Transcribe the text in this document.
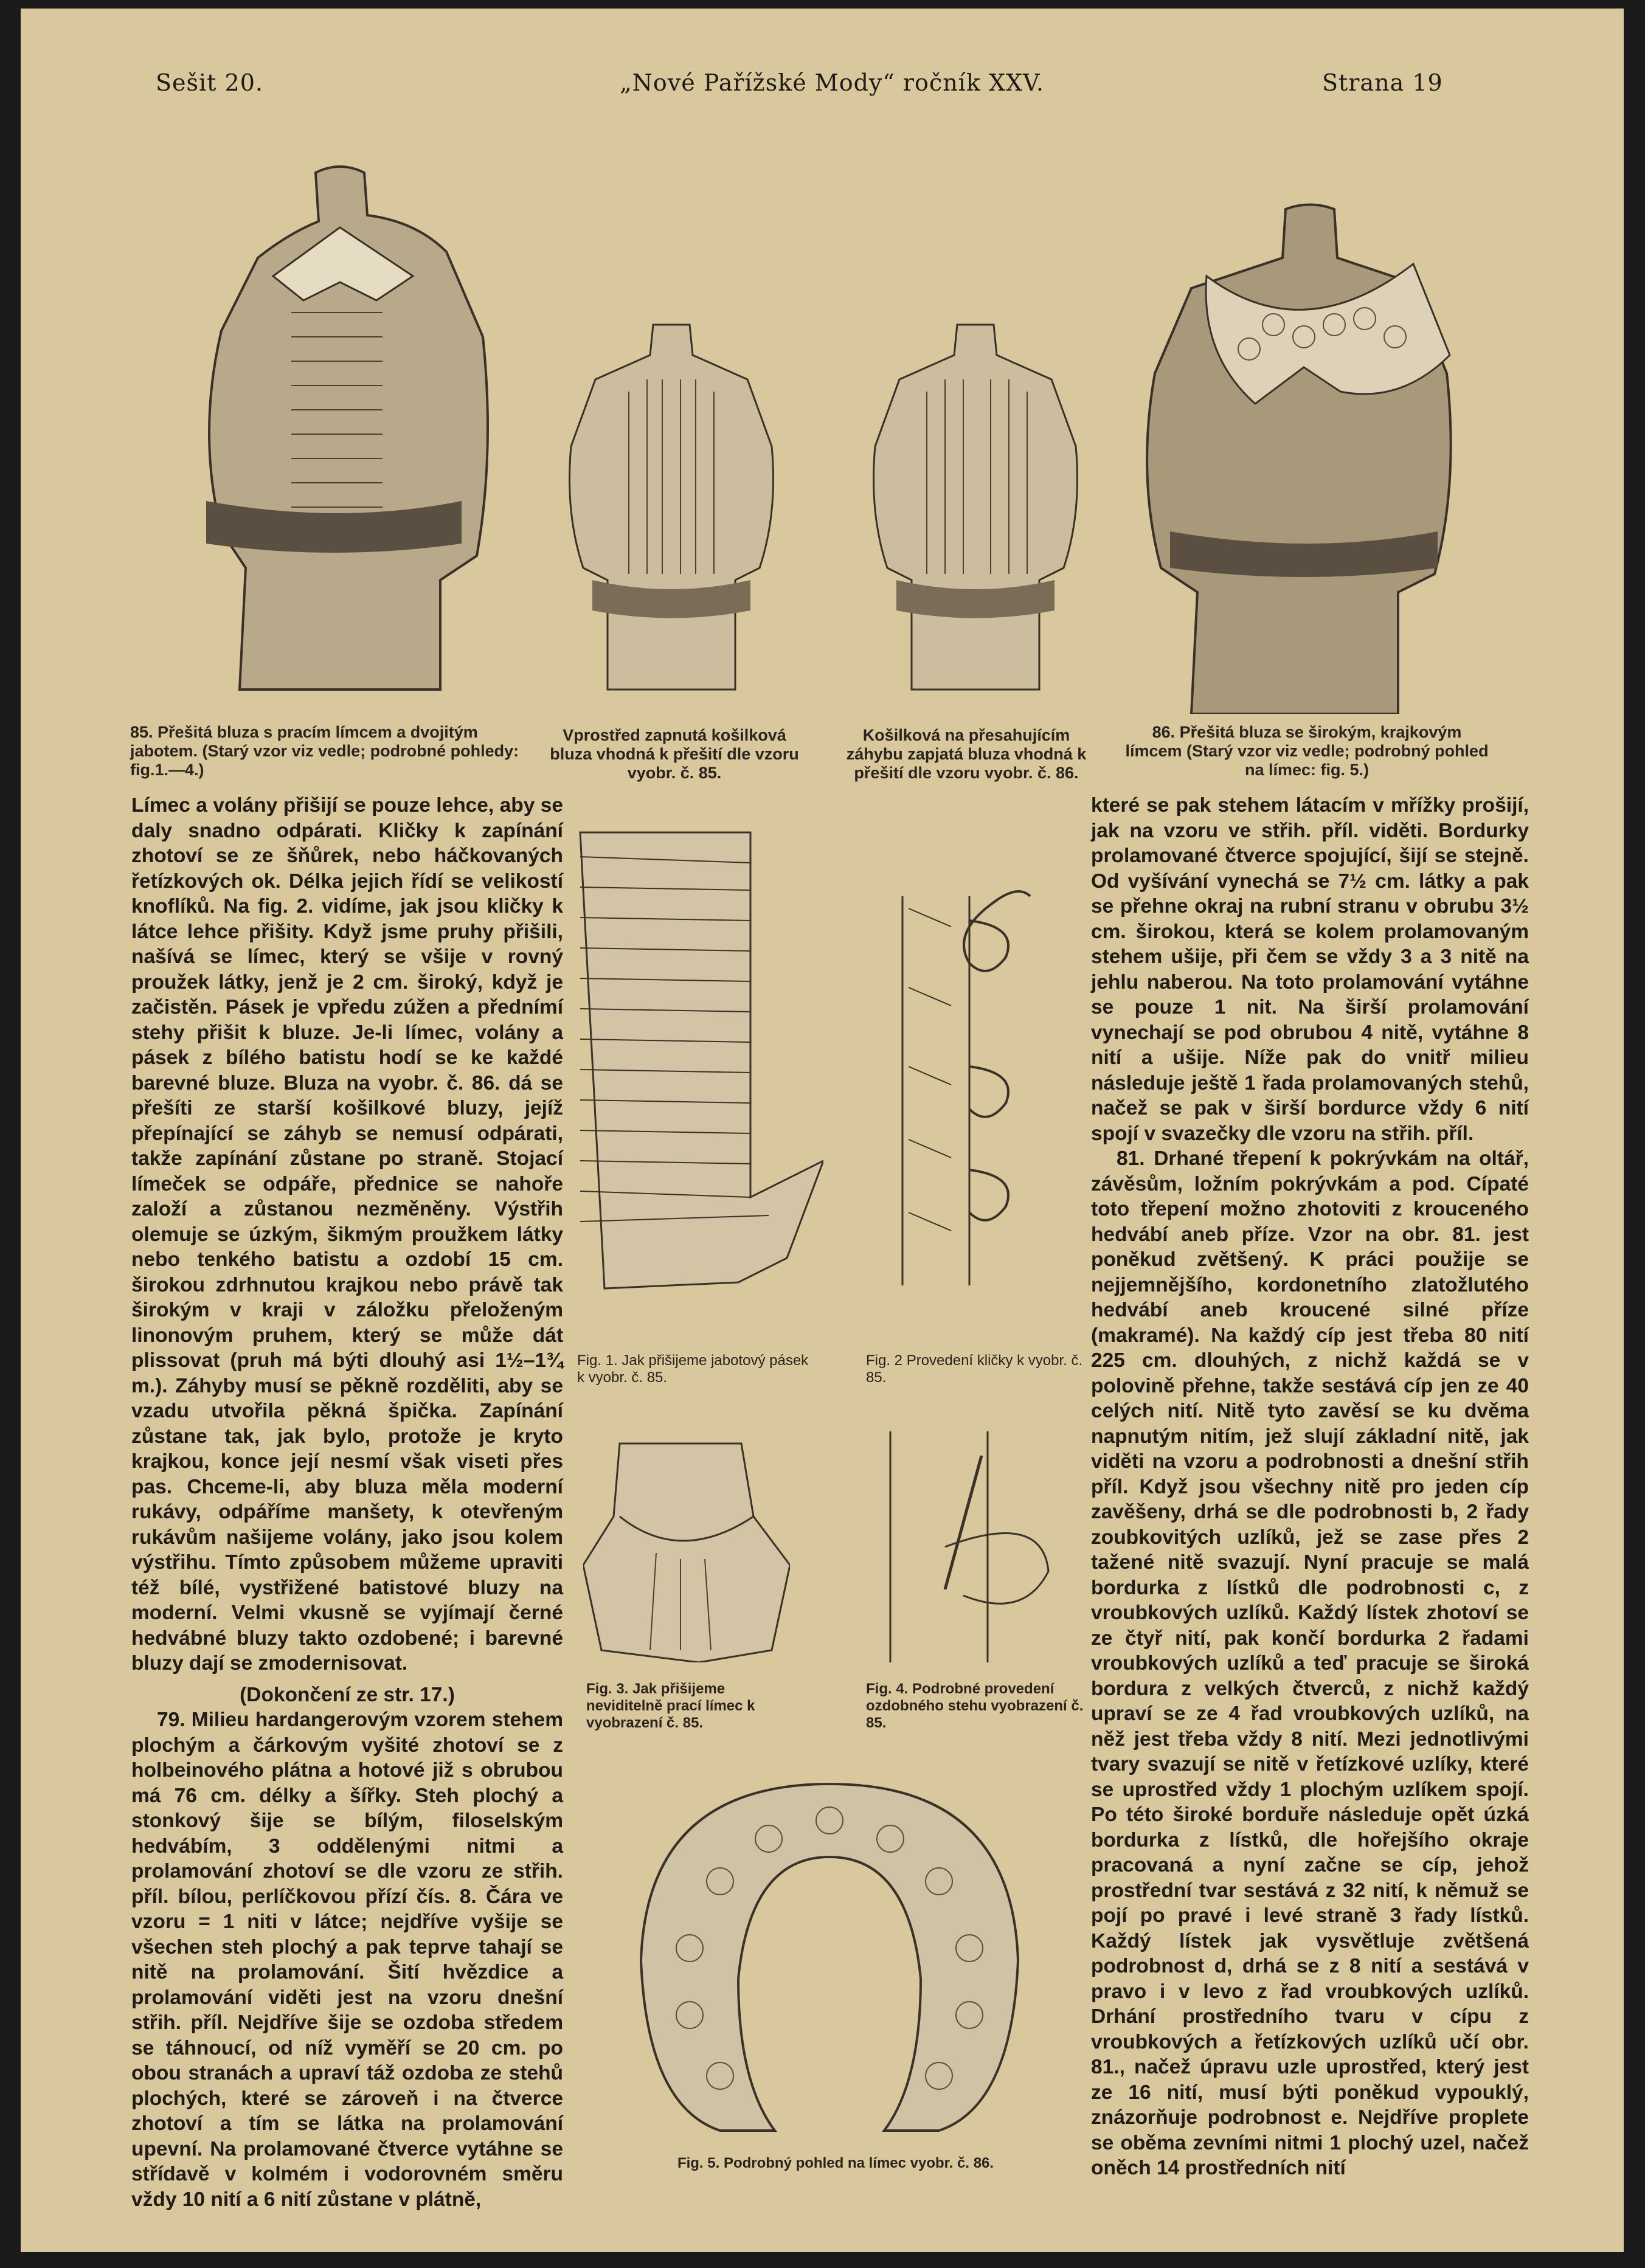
Sešit 20.	„Nové Pařížské Mody“ ročník XXV.	Strana 19
85. Přešitá bluza s pracím límcem a dvojitým jabotem. (Starý vzor viz vedle; podrobné pohledy: fig.1.—4.)
Vprostřed zapnutá košilková bluza vhodná k přešití dle vzoru vyobr. č. 85.
Košilková na přesahujícím záhybu zapjatá bluza vhodná k přešití dle vzoru vyobr. č. 86.
86. Přešitá bluza se širokým, krajkovým límcem (Starý vzor viz vedle; podrobný pohled na límec: fig. 5.)

Límec a volány přišijí se pouze lehce, aby se daly snadno odpárati. Kličky k zapínání zhotoví se ze šňůrek, nebo háčkovaných řetízkových ok. Délka jejich řídí se velikostí knoflíků. Na fig. 2. vidíme, jak jsou kličky k látce lehce přišity. Když jsme pruhy přišili, našívá se límec, který se všije v rovný proužek látky, jenž je 2 cm. široký, když je začistěn. Pásek je vpředu zúžen a přednímí stehy přišit k bluze. Je-li límec, volány a pásek z bílého batistu hodí se ke každé barevné bluze. Bluza na vyobr. č. 86. dá se přešíti ze starší košilkové bluzy, jejíž přepínající se záhyb se nemusí odpárati, takže zapínání zůstane po straně. Stojací límeček se odpáře, přednice se nahoře založí a zůstanou nezměněny. Výstřih olemuje se úzkým, šikmým proužkem látky nebo tenkého batistu a ozdobí 15 cm. širokou zdrhnutou krajkou nebo právě tak širokým v kraji v záložku přeloženým linonovým pruhem, který se může dát plissovat (pruh má býti dlouhý asi 1½–1¾ m.). Záhyby musí se pěkně rozděliti, aby se vzadu utvořila pěkná špička. Zapínání zůstane tak, jak bylo, protože je kryto krajkou, konce její nesmí však viseti přes pas. Chceme-li, aby bluza měla moderní rukávy, odpáříme manšety, k otevřeným rukávům našijeme volány, jako jsou kolem výstřihu. Tímto způsobem můžeme upraviti též bílé, vystřižené batistové bluzy na moderní. Velmi vkusně se vyjímají černé hedvábné bluzy takto ozdobené; i barevné bluzy dají se zmodernisovat.

(Dokončení ze str. 17.)

79. Milieu hardangerovým vzorem stehem plochým a čárkovým vyšité zhotoví se z holbeinového plátna a hotové již s obrubou má 76 cm. délky a šířky. Steh plochý a stonkový šije se bílým, filoselským hedvábím, 3 oddělenými nitmi a prolamování zhotoví se dle vzoru ze střih. příl. bílou, perlíčkovou přízí čís. 8. Čára ve vzoru = 1 niti v látce; nejdříve vyšije se všechen steh plochý a pak teprve tahají se nitě na prolamování. Šití hvězdice a prolamování viděti jest na vzoru dnešní střih. příl. Nejdříve šije se ozdoba středem se táhnoucí, od níž vyměří se 20 cm. po obou stranách a upraví táž ozdoba ze stehů plochých, které se zároveň i na čtverce zhotoví a tím se látka na prolamování upevní. Na prolamované čtverce vytáhne se střídavě v kolmém i vodorovném směru vždy 10 nití a 6 nití zůstane v plátně,

Fig. 1. Jak přišijeme jabotový pásek k vyobr. č. 85.
Fig. 2 Provedení kličky k vyobr. č. 85.
Fig. 3. Jak přišijeme neviditelně prací límec k vyobrazení č. 85.
Fig. 4. Podrobné provedení ozdobného stehu vyobrazení č. 85.
Fig. 5. Podrobný pohled na límec vyobr. č. 86.

které se pak stehem látacím v mřížky prošijí, jak na vzoru ve střih. příl. viděti. Bordurky prolamované čtverce spojující, šijí se stejně. Od vyšívání vynechá se 7½ cm. látky a pak se přehne okraj na rubní stranu v obrubu 3½ cm. širokou, která se kolem prolamovaným stehem ušije, při čem se vždy 3 a 3 nitě na jehlu naberou. Na toto prolamování vytáhne se pouze 1 nit. Na širší prolamování vynechají se pod obrubou 4 nitě, vytáhne 8 nití a ušije. Níže pak do vnitř milieu následuje ještě 1 řada prolamovaných stehů, načež se pak v širší bordurce vždy 6 nití spojí v svazečky dle vzoru na střih. příl.

81. Drhané třepení k pokrývkám na oltář, závěsům, ložním pokrývkám a pod. Cípaté toto třepení možno zhotoviti z krouceného hedvábí aneb příze. Vzor na obr. 81. jest poněkud zvětšený. K práci použije se nejjemnějšího, kordonetního zlatožlutého hedvábí aneb kroucené silné příze (makramé). Na každý cíp jest třeba 80 nití 225 cm. dlouhých, z nichž každá se v polovině přehne, takže sestává cíp jen ze 40 celých nití. Nitě tyto zavěsí se ku dvěma napnutým nitím, jež slují základní nitě, jak viděti na vzoru a podrobnosti a dnešní střih příl. Když jsou všechny nitě pro jeden cíp zavěšeny, drhá se dle podrobnosti b, 2 řady zoubkovitých uzlíků, jež se zase přes 2 tažené nitě svazují. Nyní pracuje se malá bordurka z lístků dle podrobnosti c, z vroubkových uzlíků. Každý lístek zhotoví se ze čtyř nití, pak končí bordurka 2 řadami vroubkových uzlíků a teď pracuje se široká bordura z velkých čtverců, z nichž každý upraví se ze 4 řad vroubkových uzlíků, na něž jest třeba vždy 8 nití. Mezi jednotlivými tvary svazují se nitě v řetízkové uzlíky, které se uprostřed vždy 1 plochým uzlíkem spojí. Po této široké borduře následuje opět úzká bordurka z lístků, dle hořejšího okraje pracovaná a nyní začne se cíp, jehož prostřední tvar sestává z 32 nití, k němuž se pojí po pravé i levé straně 3 řady lístků. Každý lístek jak vysvětluje zvětšená podrobnost d, drhá se z 8 nití a sestává v pravo i v levo z řad vroubkových uzlíků. Drhání prostředního tvaru v cípu z vroubkových a řetízkových uzlíků učí obr. 81., načež úpravu uzle uprostřed, který jest ze 16 nití, musí býti poněkud vypouklý, znázorňuje podrobnost e. Nejdříve proplete se oběma zevními nitmi 1 plochý uzel, načež oněch 14 prostředních nití
